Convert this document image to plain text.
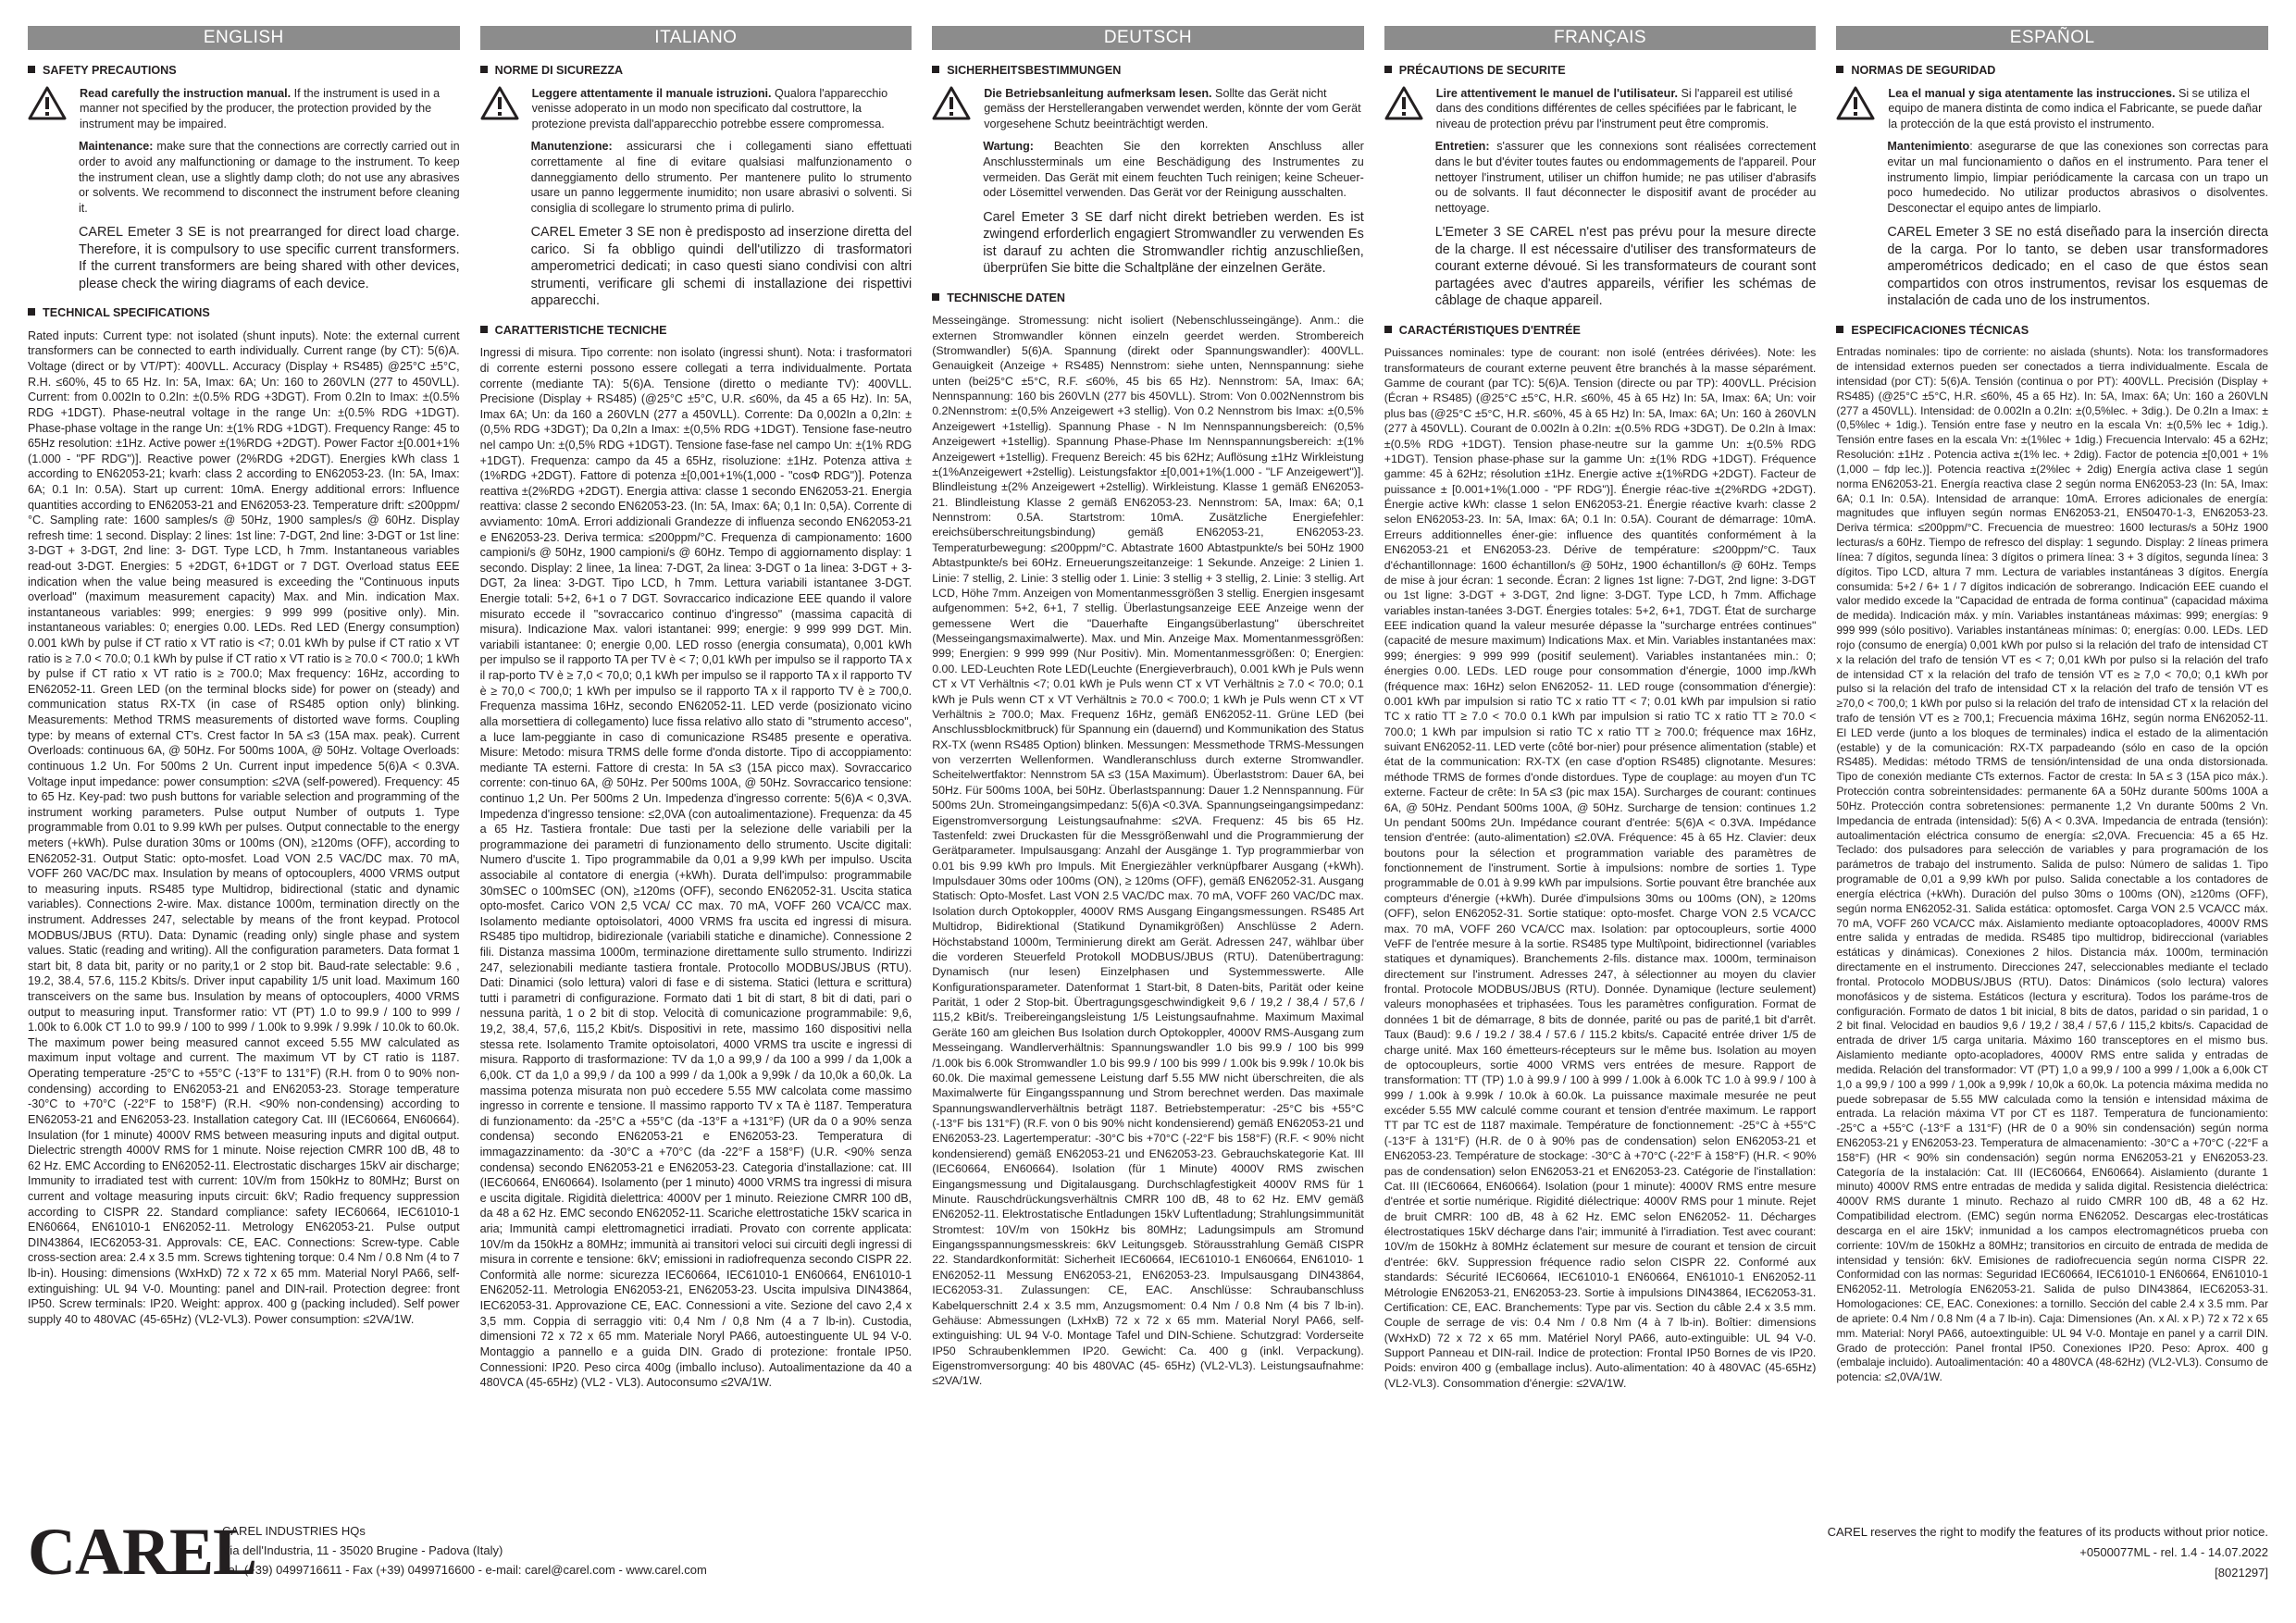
ENGLISH
SAFETY PRECAUTIONS
Read carefully the instruction manual. If the instrument is used in a manner not specified by the producer, the protection provided by the instrument may be impaired.
Maintenance: make sure that the connections are correctly carried out in order to avoid any malfunctioning or damage to the instrument. To keep the instrument clean, use a slightly damp cloth; do not use any abrasives or solvents. We recommend to disconnect the instrument before cleaning it.
CAREL Emeter 3 SE is not prearranged for direct load charge. Therefore, it is compulsory to use specific current transformers. If the current transformers are being shared with other devices, please check the wiring diagrams of each device.
TECHNICAL SPECIFICATIONS
Rated inputs: Current type: not isolated (shunt inputs). Note: the external current transformers can be connected to earth individually. Current range (by CT): 5(6)A. Voltage (direct or by VT/PT): 400VLL. Accuracy (Display + RS485) @25°C ±5°C, R.H. ≤60%, 45 to 65 Hz. In: 5A, Imax: 6A; Un: 160 to 260VLN (277 to 450VLL). Current: from 0.002In to 0.2In: ±(0.5% RDG +3DGT). From 0.2In to Imax: ±(0.5% RDG +1DGT). Phase-neutral voltage in the range Un: ±(0.5% RDG +1DGT). Phase-phase voltage in the range Un: ±(1% RDG +1DGT). Frequency Range: 45 to 65Hz resolution: ±1Hz. Active power ±(1%RDG +2DGT). Power Factor ±[0.001+1%(1.000 - "PF RDG")]. Reactive power (2%RDG +2DGT). Energies kWh class 1 according to EN62053-21; kvarh: class 2 according to EN62053-23. (In: 5A, Imax: 6A; 0.1 In: 0.5A). Start up current: 10mA. Energy additional errors: Influence quantities according to EN62053-21 and EN62053-23. Temperature drift: ≤200ppm/°C. Sampling rate: 1600 samples/s @ 50Hz, 1900 samples/s @ 60Hz. Display refresh time: 1 second. Display: 2 lines: 1st line: 7-DGT, 2nd line: 3-DGT or 1st line: 3-DGT + 3-DGT, 2nd line: 3- DGT. Type LCD, h 7mm. Instantaneous variables read-out 3-DGT. Energies: 5 +2DGT, 6+1DGT or 7 DGT. Overload status EEE indication when the value being measured is exceeding the "Continuous inputs overload" (maximum measurement capacity) Max. and Min. indication Max. instantaneous variables: 999; energies: 9 999 999 (positive only). Min. instantaneous variables: 0; energies 0.00. LEDs. Red LED (Energy consumption) 0.001 kWh by pulse if CT ratio x VT ratio is <7; 0.01 kWh by pulse if CT ratio x VT ratio is ≥ 7.0 < 70.0; 0.1 kWh by pulse if CT ratio x VT ratio is ≥ 70.0 < 700.0; 1 kWh by pulse if CT ratio x VT ratio is ≥ 700.0; Max frequency: 16Hz, according to EN62052-11. Green LED (on the terminal blocks side) for power on (steady) and communication status RX-TX (in case of RS485 option only) blinking. Measurements: Method TRMS measurements of distorted wave forms. Coupling type: by means of external CT's. Crest factor In 5A ≤3 (15A max. peak). Current Overloads: continuous 6A, @ 50Hz. For 500ms 100A, @ 50Hz. Voltage Overloads: continuous 1.2 Un. For 500ms 2 Un. Current input impedence 5(6)A < 0.3VA. Voltage input impedance: power consumption: ≤2VA (self-powered). Frequency: 45 to 65 Hz. Key-pad: two push buttons for variable selection and programming of the instrument working parameters. Pulse output Number of outputs 1. Type programmable from 0.01 to 9.99 kWh per pulses. Output connectable to the energy meters (+kWh). Pulse duration 30ms or 100ms (ON), ≥120ms (OFF), according to EN62052-31. Output Static: opto-mosfet. Load VON 2.5 VAC/DC max. 70 mA, VOFF 260 VAC/DC max. Insulation by means of optocouplers, 4000 VRMS output to measuring inputs. RS485 type Multidrop, bidirectional (static and dynamic variables). Connections 2-wire. Max. distance 1000m, termination directly on the instrument. Addresses 247, selectable by means of the front keypad. Protocol MODBUS/JBUS (RTU). Data: Dynamic (reading only) single phase and system values. Static (reading and writing). All the configuration parameters. Data format 1 start bit, 8 data bit, parity or no parity,1 or 2 stop bit. Baud-rate selectable: 9.6 , 19.2, 38.4, 57.6, 115.2 Kbits/s. Driver input capability 1/5 unit load. Maximum 160 transceivers on the same bus. Insulation by means of optocouplers, 4000 VRMS output to measuring input. Transformer ratio: VT (PT) 1.0 to 99.9 / 100 to 999 / 1.00k to 6.00k CT 1.0 to 99.9 / 100 to 999 / 1.00k to 9.99k / 9.99k / 10.0k to 60.0k. The maximum power being measured cannot exceed 5.55 MW calculated as maximum input voltage and current. The maximum VT by CT ratio is 1187. Operating temperature -25°C to +55°C (-13°F to 131°F) (R.H. from 0 to 90% non-condensing) according to EN62053-21 and EN62053-23. Storage temperature -30°C to +70°C (-22°F to 158°F) (R.H. <90% non-condensing) according to EN62053-21 and EN62053-23. Installation category Cat. III (IEC60664, EN60664). Insulation (for 1 minute) 4000V RMS between measuring inputs and digital output. Dielectric strength 4000V RMS for 1 minute. Noise rejection CMRR 100 dB, 48 to 62 Hz. EMC According to EN62052-11. Electrostatic discharges 15kV air discharge; Immunity to irradiated test with current: 10V/m from 150kHz to 80MHz; Burst on current and voltage measuring inputs circuit: 6kV; Radio frequency suppression according to CISPR 22. Standard compliance: safety IEC60664, IEC61010-1 EN60664, EN61010-1 EN62052-11. Metrology EN62053-21. Pulse output DIN43864, IEC62053-31. Approvals: CE, EAC. Connections: Screw-type. Cable cross-section area: 2.4 x 3.5 mm. Screws tightening torque: 0.4 Nm / 0.8 Nm (4 to 7 lb-in). Housing: dimensions (WxHxD) 72 x 72 x 65 mm. Material Noryl PA66, self-extinguishing: UL 94 V-0. Mounting: panel and DIN-rail. Protection degree: front IP50. Screw terminals: IP20. Weight: approx. 400 g (packing included). Self power supply 40 to 480VAC (45-65Hz) (VL2-VL3). Power consumption: ≤2VA/1W.
ITALIANO
NORME DI SICUREZZA
Leggere attentamente il manuale istruzioni. Qualora l'apparecchio venisse adoperato in un modo non specificato dal costruttore, la protezione prevista dall'apparecchio potrebbe essere compromessa.
Manutenzione: assicurarsi che i collegamenti siano effettuati correttamente al fine di evitare qualsiasi malfunzionamento o danneggiamento dello strumento. Per mantenere pulito lo strumento usare un panno leggermente inumidito; non usare abrasivi o solventi. Si consiglia di scollegare lo strumento prima di pulirlo.
CAREL Emeter 3 SE non è predisposto ad inserzione diretta del carico. Si fa obbligo quindi dell'utilizzo di trasformatori amperometrici dedicati; in caso questi siano condivisi con altri strumenti, verificare gli schemi di installazione dei rispettivi apparecchi.
CARATTERISTICHE TECNICHE
Ingressi di misura. Tipo corrente: non isolato (ingressi shunt). Nota: i trasformatori di corrente esterni possono essere collegati a terra individualmente. Portata corrente (mediante TA): 5(6)A. Tensione (diretto o mediante TV): 400VLL. Precisione (Display + RS485) (@25°C ±5°C, U.R. ≤60%, da 45 a 65 Hz). In: 5A, Imax 6A; Un: da 160 a 260VLN (277 a 450VLL). Corrente: Da 0,002In a 0,2In: ±(0,5% RDG +3DGT); Da 0,2In a Imax: ±(0,5% RDG +1DGT). Tensione fase-neutro nel campo Un: ±(0,5% RDG +1DGT). Tensione fase-fase nel campo Un: ±(1% RDG +1DGT). Frequenza: campo da 45 a 65Hz, risoluzione: ±1Hz. Potenza attiva ±(1%RDG +2DGT). Fattore di potenza ±[0,001+1%(1,000 - "cosΦ RDG")]. Potenza reattiva ±(2%RDG +2DGT). Energia attiva: classe 1 secondo EN62053-21. Energia reattiva: classe 2 secondo EN62053-23. (In: 5A, Imax: 6A; 0,1 In: 0,5A). Corrente di avviamento: 10mA. Errori addizionali Grandezze di influenza secondo EN62053-21 e EN62053-23. Deriva termica: ≤200ppm/°C. Frequenza di campionamento: 1600 campioni/s @ 50Hz, 1900 campioni/s @ 60Hz. Tempo di aggiornamento display: 1 secondo. Display: 2 linee, 1a linea: 7-DGT, 2a linea: 3-DGT o 1a linea: 3-DGT + 3-DGT, 2a linea: 3-DGT. Tipo LCD, h 7mm. Lettura variabili istantanee 3-DGT. Energie totali: 5+2, 6+1 o 7 DGT. Sovraccarico indicazione EEE quando il valore misurato eccede il "sovraccarico continuo d'ingresso" (massima capacità di misura). Indicazione Max. valori istantanei: 999; energie: 9 999 999 DGT. Min. variabili istantanee: 0; energie 0,00. LED rosso (energia consumata), 0,001 kWh per impulso se il rapporto TA per TV è < 7; 0,01 kWh per impulso se il rapporto TA x il rap-porto TV è ≥ 7,0 < 70,0; 0,1 kWh per impulso se il rapporto TA x il rapporto TV è ≥ 70,0 < 700,0; 1 kWh per impulso se il rapporto TA x il rapporto TV è ≥ 700,0. Frequenza massima 16Hz, secondo EN62052-11. LED verde (posizionato vicino alla morsettiera di collegamento) luce fissa relativo allo stato di "strumento acceso", a luce lam-peggiante in caso di comunicazione RS485 presente e operativa. Misure: Metodo: misura TRMS delle forme d'onda distorte. Tipo di accoppiamento: mediante TA esterni. Fattore di cresta: In 5A ≤3 (15A picco max). Sovraccarico corrente: con-tinuo 6A, @ 50Hz. Per 500ms 100A, @ 50Hz. Sovraccarico tensione: continuo 1,2 Un. Per 500ms 2 Un. Impedenza d'ingresso corrente: 5(6)A < 0,3VA. Impedenza d'ingresso tensione: ≤2,0VA (con autoalimentazione). Frequenza: da 45 a 65 Hz. Tastiera frontale: Due tasti per la selezione delle variabili per la programmazione dei parametri di funzionamento dello strumento. Uscite digitali: Numero d'uscite 1. Tipo programmabile da 0,01 a 9,99 kWh per impulso. Uscita associabile al contatore di energia (+kWh). Durata dell'impulso: programmabile 30mSEC o 100mSEC (ON), ≥120ms (OFF), secondo EN62052-31. Uscita statica opto-mosfet. Carico VON 2,5 VCA/ CC max. 70 mA, VOFF 260 VCA/CC max. Isolamento mediante optoisolatori, 4000 VRMS fra uscita ed ingressi di misura. RS485 tipo multidrop, bidirezionale (variabili statiche e dinamiche). Connessione 2 fili. Distanza massima 1000m, terminazione direttamente sullo strumento. Indirizzi 247, selezionabili mediante tastiera frontale. Protocollo MODBUS/JBUS (RTU). Dati: Dinamici (solo lettura) valori di fase e di sistema. Statici (lettura e scrittura) tutti i parametri di configurazione. Formato dati 1 bit di start, 8 bit di dati, pari o nessuna parità, 1 o 2 bit di stop. Velocità di comunicazione programmabile: 9,6, 19,2, 38,4, 57,6, 115,2 Kbit/s. Dispositivi in rete, massimo 160 dispositivi nella stessa rete. Isolamento Tramite optoisolatori, 4000 VRMS tra uscite e ingressi di misura. Rapporto di trasformazione: TV da 1,0 a 99,9 / da 100 a 999 / da 1,00k a 6,00k. CT da 1,0 a 99,9 / da 100 a 999 / da 1,00k a 9,99k / da 10,0k a 60,0k. La massima potenza misurata non può eccedere 5.55 MW calcolata come massimo ingresso in corrente e tensione. Il massimo rapporto TV x TA è 1187. Temperatura di funzionamento: da -25°C a +55°C (da -13°F a +131°F) (UR da 0 a 90% senza condensa) secondo EN62053-21 e EN62053-23. Temperatura di immagazzinamento: da -30°C a +70°C (da -22°F a 158°F) (U.R. <90% senza condensa) secondo EN62053-21 e EN62053-23. Categoria d'installazione: cat. III (IEC60664, EN60664). Isolamento (per 1 minuto) 4000 VRMS tra ingressi di misura e uscita digitale. Rigidità dielettrica: 4000V per 1 minuto. Reiezione CMRR 100 dB, da 48 a 62 Hz. EMC secondo EN62052-11. Scariche elettrostatiche 15kV scarica in aria; Immunità campi elettromagnetici irradiati. Provato con corrente applicata: 10V/m da 150kHz a 80MHz; immunità ai transitori veloci sui circuiti degli ingressi di misura in corrente e tensione: 6kV; emissioni in radiofrequenza secondo CISPR 22. Conformità alle norme: sicurezza IEC60664, IEC61010-1 EN60664, EN61010-1 EN62052-11. Metrologia EN62053-21, EN62053-23. Uscita impulsiva DIN43864, IEC62053-31. Approvazione CE, EAC. Connessioni a vite. Sezione del cavo 2,4 x 3,5 mm. Coppia di serraggio viti: 0,4 Nm / 0,8 Nm (4 a 7 lb-in). Custodia, dimensioni 72 x 72 x 65 mm. Materiale Noryl PA66, autoestinguente UL 94 V-0. Montaggio a pannello e a guida DIN. Grado di protezione: frontale IP50. Connessioni: IP20. Peso circa 400g (imballo incluso). Autoalimentazione da 40 a 480VCA (45-65Hz) (VL2 - VL3). Autoconsumo ≤2VA/1W.
DEUTSCH
SICHERHEITSBESTIMMUNGEN
Die Betriebsanleitung aufmerksam lesen. Sollte das Gerät nicht gemäss der Herstellerangaben verwendet werden, könnte der vom Gerät vorgesehene Schutz beeinträchtigt werden.
Wartung: Beachten Sie den korrekten Anschluss aller Anschlussterminals um eine Beschädigung des Instrumentes zu vermeiden. Das Gerät mit einem feuchten Tuch reinigen; keine Scheuer- oder Lösemittel verwenden. Das Gerät vor der Reinigung ausschalten.
Carel Emeter 3 SE darf nicht direkt betrieben werden. Es ist zwingend erforderlich engagiert Stromwandler zu verwenden Es ist darauf zu achten die Stromwandler richtig anzuschließen, überprüfen Sie bitte die Schaltpläne der einzelnen Geräte.
TECHNISCHE DATEN
Messeingänge. Stromessung: nicht isoliert (Nebenschlusseingänge). Anm.: die externen Stromwandler können einzeln geerdet werden. Strombereich (Stromwandler) 5(6)A. Spannung (direkt oder Spannungswandler): 400VLL. Genauigkeit (Anzeige + RS485) Nennstrom: siehe unten, Nennspannung: siehe unten (bei25°C ±5°C, R.F. ≤60%, 45 bis 65 Hz). Nennstrom: 5A, Imax: 6A; Nennspannung: 160 bis 260VLN (277 bis 450VLL). Strom: Von 0.002Nennstrom bis 0.2Nennstrom: ±(0,5% Anzeigewert +3 stellig). Von 0.2 Nennstrom bis Imax: ±(0,5% Anzeigewert +1stellig). Spannung Phase - N Im Nennspannungsbereich: (0,5% Anzeigewert +1stellig). Spannung Phase-Phase Im Nennspannungsbereich: ±(1% Anzeigewert +1stellig). Frequenz Bereich: 45 bis 62Hz; Auflösung ±1Hz Wirkleistung ±(1%Anzeigewert +2stellig). Leistungsfaktor ±[0,001+1%(1.000 - "LF Anzeigewert")]. Blindleistung ±(2% Anzeigewert +2stellig). Wirkleistung. Klasse 1 gemäß EN62053-21. Blindleistung Klasse 2 gemäß EN62053-23. Nennstrom: 5A, Imax: 6A; 0,1 Nennstrom: 0.5A. Startstrom: 10mA. Zusätzliche Energiefehler: ereichsüberschreitungsbindung) gemäß EN62053-21, EN62053-23. Temperaturbewegung: ≤200ppm/°C. Abtastrate 1600 Abtastpunkte/s bei 50Hz 1900 Abtastpunkte/s bei 60Hz. Erneuerungszeitanzeige: 1 Sekunde. Anzeige: 2 Linien 1. Linie: 7 stellig, 2. Linie: 3 stellig oder 1. Linie: 3 stellig + 3 stellig, 2. Linie: 3 stellig. Art LCD, Höhe 7mm. Anzeigen von Momentanmessgrößen 3 stellig. Energien insgesamt aufgenommen: 5+2, 6+1, 7 stellig. Überlastungsanzeige EEE Anzeige wenn der gemessene Wert die "Dauerhafte Eingangsüberlastung" überschreitet (Messeingangsmaximalwerte). Max. und Min. Anzeige Max. Momentanmessgrößen: 999; Energien: 9 999 999 (Nur Positiv). Min. Momentanmessgrößen: 0; Energien: 0.00. LED-Leuchten Rote LED(Leuchte (Energieverbrauch), 0.001 kWh je Puls wenn CT x VT Verhältnis <7; 0.01 kWh je Puls wenn CT x VT Verhältnis ≥ 7.0 < 70.0; 0.1 kWh je Puls wenn CT x VT Verhältnis ≥ 70.0 < 700.0; 1 kWh je Puls wenn CT x VT Verhältnis ≥ 700.0; Max. Frequenz 16Hz, gemäß EN62052-11. Grüne LED (bei Anschlussblockmitbruck) für Spannung ein (dauernd) und Kommunikation des Status RX-TX (wenn RS485 Option) blinken. Messungen: Messmethode TRMS-Messungen von verzerrten Wellenformen. Wandleranschluss durch externe Stromwandler. Scheitelwertfaktor: Nennstrom 5A ≤3 (15A Maximum). Überlaststrom: Dauer 6A, bei 50Hz. Für 500ms 100A, bei 50Hz. Überlastspannung: Dauer 1.2 Nennspannung. Für 500ms 2Un. Stromeingangsimpedanz: 5(6)A <0.3VA. Spannungseingangsimpedanz: Eigenstromversorgung Leistungsaufnahme: ≤2VA. Frequenz: 45 bis 65 Hz. Tastenfeld: zwei Druckasten für die Messgrößenwahl und die Programmierung der Gerätparameter. Impulsausgang: Anzahl der Ausgänge 1. Typ programmierbar von 0.01 bis 9.99 kWh pro Impuls. Mit Energiezähler verknüpfbarer Ausgang (+kWh). Impulsdauer 30ms oder 100ms (ON), ≥ 120ms (OFF), gemäß EN62052-31. Ausgang Statisch: Opto-Mosfet. Last VON 2.5 VAC/DC max. 70 mA, VOFF 260 VAC/DC max. Isolation durch Optokoppler, 4000V RMS Ausgang Eingangsmessungen. RS485 Art Multidrop, Bidirektional (Statikund Dynamikgrößen) Anschlüsse 2 Adern. Höchstabstand 1000m, Terminierung direkt am Gerät. Adressen 247, wählbar über die vorderen Steuerfeld Protokoll MODBUS/JBUS (RTU). Datenübertragung: Dynamisch (nur lesen) Einzelphasen und Systemmesswerte. Alle Konfigurationsparameter. Datenformat 1 Start-bit, 8 Daten-bits, Parität oder keine Parität, 1 oder 2 Stop-bit. Übertragungsgeschwindigkeit 9,6 / 19,2 / 38,4 / 57,6 / 115,2 kBit/s. Treibereingangsleistung 1/5 Leistungsaufnahme. Maximum Maximal Geräte 160 am gleichen Bus Isolation durch Optokoppler, 4000V RMS-Ausgang zum Messeingang. Wandlerverhältnis: Spannungswandler 1.0 bis 99.9 / 100 bis 999 /1.00k bis 6.00k Stromwandler 1.0 bis 99.9 / 100 bis 999 / 1.00k bis 9.99k / 10.0k bis 60.0k. Die maximal gemessene Leistung darf 5.55 MW nicht überschreiten, die als Maximalwerte für Eingangsspannung und Strom berechnet werden. Das maximale Spannungswandlerverhältnis beträgt 1187. Betriebstemperatur: -25°C bis +55°C (-13°F bis 131°F) (R.F. von 0 bis 90% nicht kondensierend) gemäß EN62053-21 und EN62053-23. Lagertemperatur: -30°C bis +70°C (-22°F bis 158°F) (R.F. < 90% nicht kondensierend) gemäß EN62053-21 und EN62053-23. Gebrauchskategorie Kat. III (IEC60664, EN60664). Isolation (für 1 Minute) 4000V RMS zwischen Eingangsmessung und Digitalausgang. Durchschlagfestigkeit 4000V RMS für 1 Minute. Rauschdrückungsverhältnis CMRR 100 dB, 48 to 62 Hz. EMV gemäß EN62052-11. Elektrostatische Entladungen 15kV Luftentladung; Strahlungsimmunität Stromtest: 10V/m von 150kHz bis 80MHz; Ladungsimpuls am Stromund Eingangsspannungsmesskreis: 6kV Leitungsgeb. Störausstrahlung Gemäß CISPR 22. Standardkonformität: Sicherheit IEC60664, IEC61010-1 EN60664, EN61010- 1 EN62052-11 Messung EN62053-21, EN62053-23. Impulsausgang DIN43864, IEC62053-31. Zulassungen: CE, EAC. Anschlüsse: Schraubanschluss Kabelquerschnitt 2.4 x 3.5 mm, Anzugsmoment: 0.4 Nm / 0.8 Nm (4 bis 7 lb-in). Gehäuse: Abmessungen (LxHxB) 72 x 72 x 65 mm. Material Noryl PA66, self-extinguishing: UL 94 V-0. Montage Tafel und DIN-Schiene. Schutzgrad: Vorderseite IP50 Schraubenklemmen IP20. Gewicht: Ca. 400 g (inkl. Verpackung). Eigenstromversorgung: 40 bis 480VAC (45- 65Hz) (VL2-VL3). Leistungsaufnahme: ≤2VA/1W.
FRANÇAIS
PRÉCAUTIONS DE SECURITE
Lire attentivement le manuel de l'utilisateur. Si l'appareil est utilisé dans des conditions différentes de celles spécifiées par le fabricant, le niveau de protection prévu par l'instrument peut être compromis.
Entretien: s'assurer que les connexions sont réalisées correctement dans le but d'éviter toutes fautes ou endommagements de l'appareil. Pour nettoyer l'instrument, utiliser un chiffon humide; ne pas utiliser d'abrasifs ou de solvants. Il faut déconnecter le dispositif avant de procéder au nettoyage.
L'Emeter 3 SE CAREL n'est pas prévu pour la mesure directe de la charge. Il est nécessaire d'utiliser des transformateurs de courant externe dévoué. Si les transformateurs de courant sont partagées avec d'autres appareils, vérifier les schémas de câblage de chaque appareil.
CARACTÉRISTIQUES D'ENTRÉE
Puissances nominales: type de courant: non isolé (entrées dérivées). Note: les transformateurs de courant externe peuvent être branchés à la masse séparément. Gamme de courant (par TC): 5(6)A. Tension (directe ou par TP): 400VLL. Précision (Écran + RS485) (@25°C ±5°C, H.R. ≤60%, 45 à 65 Hz) In: 5A, Imax: 6A; Un: voir plus bas (@25°C ±5°C, H.R. ≤60%, 45 à 65 Hz) In: 5A, Imax: 6A; Un: 160 à 260VLN (277 à 450VLL). Courant de 0.002In à 0.2In: ±(0.5% RDG +3DGT). De 0.2In à Imax: ±(0.5% RDG +1DGT). Tension phase-neutre sur la gamme Un: ±(0.5% RDG +1DGT). Tension phase-phase sur la gamme Un: ±(1% RDG +1DGT). Fréquence gamme: 45 à 62Hz; résolution ±1Hz. Energie active ±(1%RDG +2DGT). Facteur de puissance ± [0.001+1%(1.000 - "PF RDG")]. Énergie réac-tive ±(2%RDG +2DGT). Énergie active kWh: classe 1 selon EN62053-21. Énergie réactive kvarh: classe 2 selon EN62053-23. In: 5A, Imax: 6A; 0.1 In: 0.5A). Courant de démarrage: 10mA. Erreurs additionnelles éner-gie: influence des quantités conformément à la EN62053-21 et EN62053-23. Dérive de température: ≤200ppm/°C. Taux d'échantillonnage: 1600 échantillon/s @ 50Hz, 1900 échantillon/s @ 60Hz. Temps de mise à jour écran: 1 seconde. Écran: 2 lignes 1st ligne: 7-DGT, 2nd ligne: 3-DGT ou 1st ligne: 3-DGT + 3-DGT, 2nd ligne: 3-DGT. Type LCD, h 7mm. Affichage variables instan-tanées 3-DGT. Énergies totales: 5+2, 6+1, 7DGT. État de surcharge EEE indication quand la valeur mesurée dépasse la "surcharge entrées continues" (capacité de mesure maximum) Indications Max. et Min. Variables instantanées max: 999; énergies: 9 999 999 (positif seulement). Variables instantanées min.: 0; énergies 0.00. LEDs. LED rouge pour consommation d'énergie, 1000 imp./kWh (fréquence max: 16Hz) selon EN62052- 11. LED rouge (consommation d'énergie): 0.001 kWh par impulsion si ratio TC x ratio TT < 7; 0.01 kWh par impulsion si ratio TC x ratio TT ≥ 7.0 < 70.0 0.1 kWh par impulsion si ratio TC x ratio TT ≥ 70.0 < 700.0; 1 kWh par impulsion si ratio TC x ratio TT ≥ 700.0; fréquence max 16Hz, suivant EN62052-11. LED verte (côté bor-nier) pour présence alimentation (stable) et état de la communication: RX-TX (en case d'option RS485) clignotante. Mesures: méthode TRMS de formes d'onde distordues. Type de couplage: au moyen d'un TC externe. Facteur de crête: In 5A ≤3 (pic max 15A). Surcharges de courant: continues 6A, @ 50Hz. Pendant 500ms 100A, @ 50Hz. Surcharge de tension: continues 1.2 Un pendant 500ms 2Un. Impédance courant d'entrée: 5(6)A < 0.3VA. Impédance tension d'entrée: (auto-alimentation) ≤2.0VA. Fréquence: 45 à 65 Hz. Clavier: deux boutons pour la sélection et programmation variable des paramètres de fonctionnement de l'instrument. Sortie à impulsions: nombre de sorties 1. Type programmable de 0.01 à 9.99 kWh par impulsions. Sortie pouvant être branchée aux compteurs d'énergie (+kWh). Durée d'impulsions 30ms ou 100ms (ON), ≥ 120ms (OFF), selon EN62052-31. Sortie statique: opto-mosfet. Charge VON 2.5 VCA/CC max. 70 mA, VOFF 260 VCA/CC max. Isolation: par optocoupleurs, sortie 4000 VeFF de l'entrée mesure à la sortie. RS485 type Multi\point, bidirectionnel (variables statiques et dynamiques). Branchements 2-fils. distance max. 1000m, terminaison directement sur l'instrument. Adresses 247, à sélectionner au moyen du clavier frontal. Protocole MODBUS/JBUS (RTU). Donnée. Dynamique (lecture seulement) valeurs monophasées et triphasées. Tous les paramètres configuration. Format de données 1 bit de démarrage, 8 bits de donnée, parité ou pas de parité,1 bit d'arrêt. Taux (Baud): 9.6 / 19.2 / 38.4 / 57.6 / 115.2 kbits/s. Capacité entrée driver 1/5 de charge unité. Max 160 émetteurs-récepteurs sur le même bus. Isolation au moyen de optocoupleurs, sortie 4000 VRMS vers entrées de mesure. Rapport de transformation: TT (TP) 1.0 à 99.9 / 100 à 999 / 1.00k à 6.00k TC 1.0 à 99.9 / 100 à 999 / 1.00k à 9.99k / 10.0k à 60.0k. La puissance maximale mesurée ne peut excéder 5.55 MW calculé comme courant et tension d'entrée maximum. Le rapport TT par TC est de 1187 maximale. Température de fonctionnement: -25°C à +55°C (-13°F à 131°F) (H.R. de 0 à 90% pas de condensation) selon EN62053-21 et EN62053-23. Température de stockage: -30°C à +70°C (-22°F à 158°F) (H.R. < 90% pas de condensation) selon EN62053-21 et EN62053-23. Catégorie de l'installation: Cat. III (IEC60664, EN60664). Isolation (pour 1 minute): 4000V RMS entre mesure d'entrée et sortie numérique. Rigidité diélectrique: 4000V RMS pour 1 minute. Rejet de bruit CMRR: 100 dB, 48 à 62 Hz. EMC selon EN62052- 11. Décharges électrostatiques 15kV décharge dans l'air; immunité à l'irradiation. Test avec courant: 10V/m de 150kHz à 80MHz éclatement sur mesure de courant et tension de circuit d'entrée: 6kV. Suppression fréquence radio selon CISPR 22. Conformé aux standards: Sécurité IEC60664, IEC61010-1 EN60664, EN61010-1 EN62052-11 Métrologie EN62053-21, EN62053-23. Sortie à impulsions DIN43864, IEC62053-31. Certification: CE, EAC. Branchements: Type par vis. Section du câble 2.4 x 3.5 mm. Couple de serrage de vis: 0.4 Nm / 0.8 Nm (4 à 7 lb-in). Boîtier: dimensions (WxHxD) 72 x 72 x 65 mm. Matériel Noryl PA66, auto-extinguible: UL 94 V-0. Support Panneau et DIN-rail. Indice de protection: Frontal IP50 Bornes de vis IP20. Poids: environ 400 g (emballage inclus). Auto-alimentation: 40 à 480VAC (45-65Hz) (VL2-VL3). Consommation d'énergie: ≤2VA/1W.
ESPAÑOL
NORMAS DE SEGURIDAD
Lea el manual y siga atentamente las instrucciones. Si se utiliza el equipo de manera distinta de como indica el Fabricante, se puede dañar la protección de la que está provisto el instrumento.
Mantenimiento: asegurarse de que las conexiones son correctas para evitar un mal funcionamiento o daños en el instrumento. Para tener el instrumento limpio, limpiar periódicamente la carcasa con un trapo un poco humedecido. No utilizar productos abrasivos o disolventes. Desconectar el equipo antes de limpiarlo.
CAREL Emeter 3 SE no está diseñado para la inserción directa de la carga. Por lo tanto, se deben usar transformadores amperométricos dedicado; en el caso de que éstos sean compartidos con otros instrumentos, revisar los esquemas de instalación de cada uno de los instrumentos.
ESPECIFICACIONES TÉCNICAS
Entradas nominales: tipo de corriente: no aislada (shunts). Nota: los transformadores de intensidad externos pueden ser conectados a tierra individualmente. Escala de intensidad (por CT): 5(6)A. Tensión (continua o por PT): 400VLL. Precisión (Display + RS485) (@25°C ±5°C, H.R. ≤60%, 45 a 65 Hz). In: 5A, Imax: 6A; Un: 160 a 260VLN (277 a 450VLL). Intensidad: de 0.002In a 0.2In: ±(0,5%lec. + 3dig.). De 0.2In a Imax: ±(0,5%lec + 1dig.). Tensión entre fase y neutro en la escala Vn: ±(0,5% lec + 1dig.). Tensión entre fases en la escala Vn: ±(1%lec + 1dig.) Frecuencia Intervalo: 45 a 62Hz; Resolución: ±1Hz . Potencia activa ±(1% lec. + 2dig). Factor de potencia ±[0,001 + 1%(1,000 – fdp lec.)]. Potencia reactiva ±(2%lec + 2dig) Energía activa clase 1 según norma EN62053-21. Energía reactiva clase 2 según norma EN62053-23 (In: 5A, Imax: 6A; 0.1 In: 0.5A). Intensidad de arranque: 10mA. Errores adicionales de energía: magnitudes que influyen según normas EN62053-21, EN50470-1-3, EN62053-23. Deriva térmica: ≤200ppm/°C. Frecuencia de muestreo: 1600 lecturas/s a 50Hz 1900 lecturas/s a 60Hz. Tiempo de refresco del display: 1 segundo. Display: 2 líneas primera línea: 7 dígitos, segunda línea: 3 dígitos o primera línea: 3 + 3 dígitos, segunda línea: 3 dígitos. Tipo LCD, altura 7 mm. Lectura de variables instantáneas 3 dígitos. Energía consumida: 5+2 / 6+ 1 / 7 dígitos indicación de sobrerango. Indicación EEE cuando el valor medido excede la "Capacidad de entrada de forma continua" (capacidad máxima de medida). Indicación máx. y mín. Variables instantáneas máximas: 999; energías: 9 999 999 (sólo positivo). Variables instantáneas mínimas: 0; energías: 0.00. LEDs. LED rojo (consumo de energía) 0,001 kWh por pulso si la relación del trafo de intensidad CT x la relación del trafo de tensión VT es < 7; 0,01 kWh por pulso si la relación del trafo de intensidad CT x la relación del trafo de tensión VT es ≥ 7,0 < 70,0; 0,1 kWh por pulso si la relación del trafo de intensidad CT x la relación del trafo de tensión VT es ≥70,0 < 700,0; 1 kWh por pulso si la relación del trafo de intensidad CT x la relación del trafo de tensión VT es ≥ 700,1; Frecuencia máxima 16Hz, según norma EN62052-11. El LED verde (junto a los bloques de terminales) indica el estado de la alimentación (estable) y de la comunicación: RX-TX parpadeando (sólo en caso de la opción RS485). Medidas: método TRMS de tensión/intensidad de una onda distorsionada. Tipo de conexión mediante CTs externos. Factor de cresta: In 5A ≤ 3 (15A pico máx.). Protección contra sobreintensidades: permanente 6A a 50Hz durante 500ms 100A a 50Hz. Protección contra sobretensiones: permanente 1,2 Vn durante 500ms 2 Vn. Impedancia de entrada (intensidad): 5(6) A < 0.3VA. Impedancia de entrada (tensión): autoalimentación eléctrica consumo de energía: ≤2,0VA. Frecuencia: 45 a 65 Hz. Teclado: dos pulsadores para selección de variables y para programación de los parámetros de trabajo del instrumento. Salida de pulso: Número de salidas 1. Tipo programable de 0,01 a 9,99 kWh por pulso. Salida conectable a los contadores de energía eléctrica (+kWh). Duración del pulso 30ms o 100ms (ON), ≥120ms (OFF), según norma EN62052-31. Salida estática: optomosfet. Carga VON 2.5 VCA/CC máx. 70 mA, VOFF 260 VCA/CC máx. Aislamiento mediante optoacopladores, 4000V RMS entre salida y entradas de medida. RS485 tipo multidrop, bidireccional (variables estáticas y dinámicas). Conexiones 2 hilos. Distancia máx. 1000m, terminación directamente en el instrumento. Direcciones 247, seleccionables mediante el teclado frontal. Protocolo MODBUS/JBUS (RTU). Datos: Dinámicos (solo lectura) valores monofásicos y de sistema. Estáticos (lectura y escritura). Todos los paráme-tros de configuración. Formato de datos 1 bit inicial, 8 bits de datos, paridad o sin paridad, 1 o 2 bit final. Velocidad en baudios 9,6 / 19,2 / 38,4 / 57,6 / 115,2 kbits/s. Capacidad de entrada de driver 1/5 carga unitaria. Máximo 160 transceptores en el mismo bus. Aislamiento mediante opto-acopladores, 4000V RMS entre salida y entradas de medida. Relación del transformador: VT (PT) 1,0 a 99,9 / 100 a 999 / 1,00k a 6,00k CT 1,0 a 99,9 / 100 a 999 / 1,00k a 9,99k / 10,0k a 60,0k. La potencia máxima medida no puede sobrepasar de 5.55 MW calculada como la tensión e intensidad máxima de entrada. La relación máxima VT por CT es 1187. Temperatura de funcionamiento: -25°C a +55°C (-13°F a 131°F) (HR de 0 a 90% sin condensación) según norma EN62053-21 y EN62053-23. Temperatura de almacenamiento: -30°C a +70°C (-22°F a 158°F) (HR < 90% sin condensación) según norma EN62053-21 y EN62053-23. Categoría de la instalación: Cat. III (IEC60664, EN60664). Aislamiento (durante 1 minuto) 4000V RMS entre entradas de medida y salida digital. Resistencia dieléctrica: 4000V RMS durante 1 minuto. Rechazo al ruido CMRR 100 dB, 48 a 62 Hz. Compatibilidad electrom. (EMC) según norma EN62052. Descargas elec-trostáticas descarga en el aire 15kV; inmunidad a los campos electromagnéticos prueba con corriente: 10V/m de 150kHz a 80MHz; transitorios en circuito de entrada de medida de intensidad y tensión: 6kV. Emisiones de radiofrecuencia según norma CISPR 22. Conformidad con las normas: Seguridad IEC60664, IEC61010-1 EN60664, EN61010-1 EN62052-11. Metrología EN62053-21. Salida de pulso DIN43864, IEC62053-31. Homologaciones: CE, EAC. Conexiones: a tornillo. Sección del cable 2.4 x 3.5 mm. Par de apriete: 0.4 Nm / 0.8 Nm (4 a 7 lb-in). Caja: Dimensiones (An. x Al. x P.) 72 x 72 x 65 mm. Material: Noryl PA66, autoextinguible: UL 94 V-0. Montaje en panel y a carril DIN. Grado de protección: Panel frontal IP50. Conexiones IP20. Peso: Aprox. 400 g (embalaje incluido). Autoalimentación: 40 a 480VCA (48-62Hz) (VL2-VL3). Consumo de potencia: ≤2,0VA/1W.
CAREL
CAREL INDUSTRIES HQs
Via dell'Industria, 11 - 35020 Brugine - Padova (Italy)
Tel. (+39) 0499716611 - Fax (+39) 0499716600 - e-mail: carel@carel.com - www.carel.com
CAREL reserves the right to modify the features of its products without prior notice.
+0500077ML - rel. 1.4 - 14.07.2022
[8021297]
